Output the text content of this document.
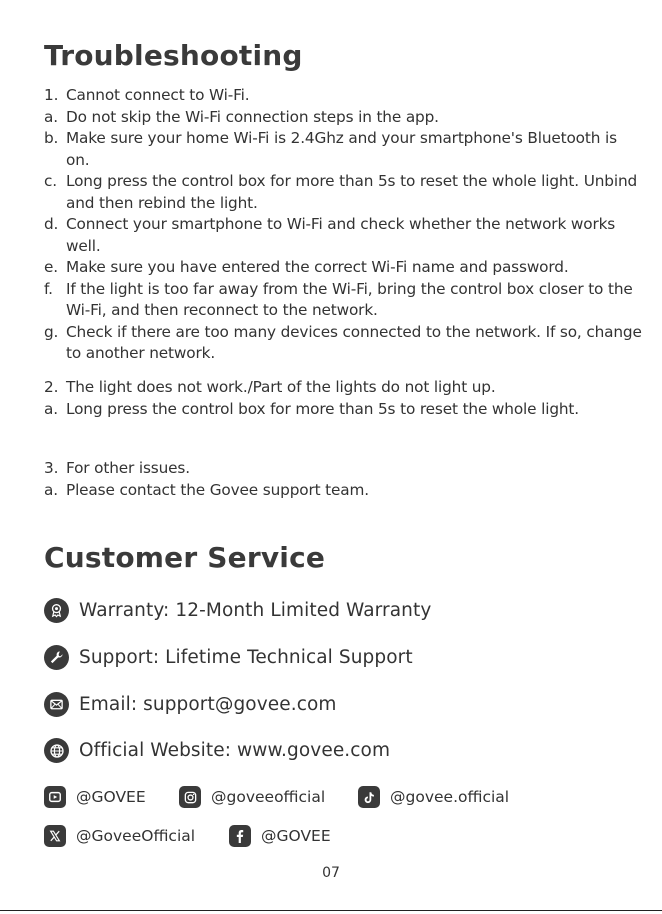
Troubleshooting
1. Cannot connect to Wi-Fi.
a. Do not skip the Wi-Fi connection steps in the app.
b. Make sure your home Wi-Fi is 2.4Ghz and your smartphone's Bluetooth is on.
c. Long press the control box for more than 5s to reset the whole light. Unbind and then rebind the light.
d. Connect your smartphone to Wi-Fi and check whether the network works well.
e. Make sure you have entered the correct Wi-Fi name and password.
f. If the light is too far away from the Wi-Fi, bring the control box closer to the Wi-Fi, and then reconnect to the network.
g. Check if there are too many devices connected to the network. If so, change to another network.
2. The light does not work./Part of the lights do not light up.
a. Long press the control box for more than 5s to reset the whole light.
3. For other issues.
a. Please contact the Govee support team.
Customer Service
Warranty: 12-Month Limited Warranty
Support: Lifetime Technical Support
Email: support@govee.com
Official Website: www.govee.com
@GOVEE	@goveeofficial	@govee.official
@GoveeOfficial	@GOVEE
07
